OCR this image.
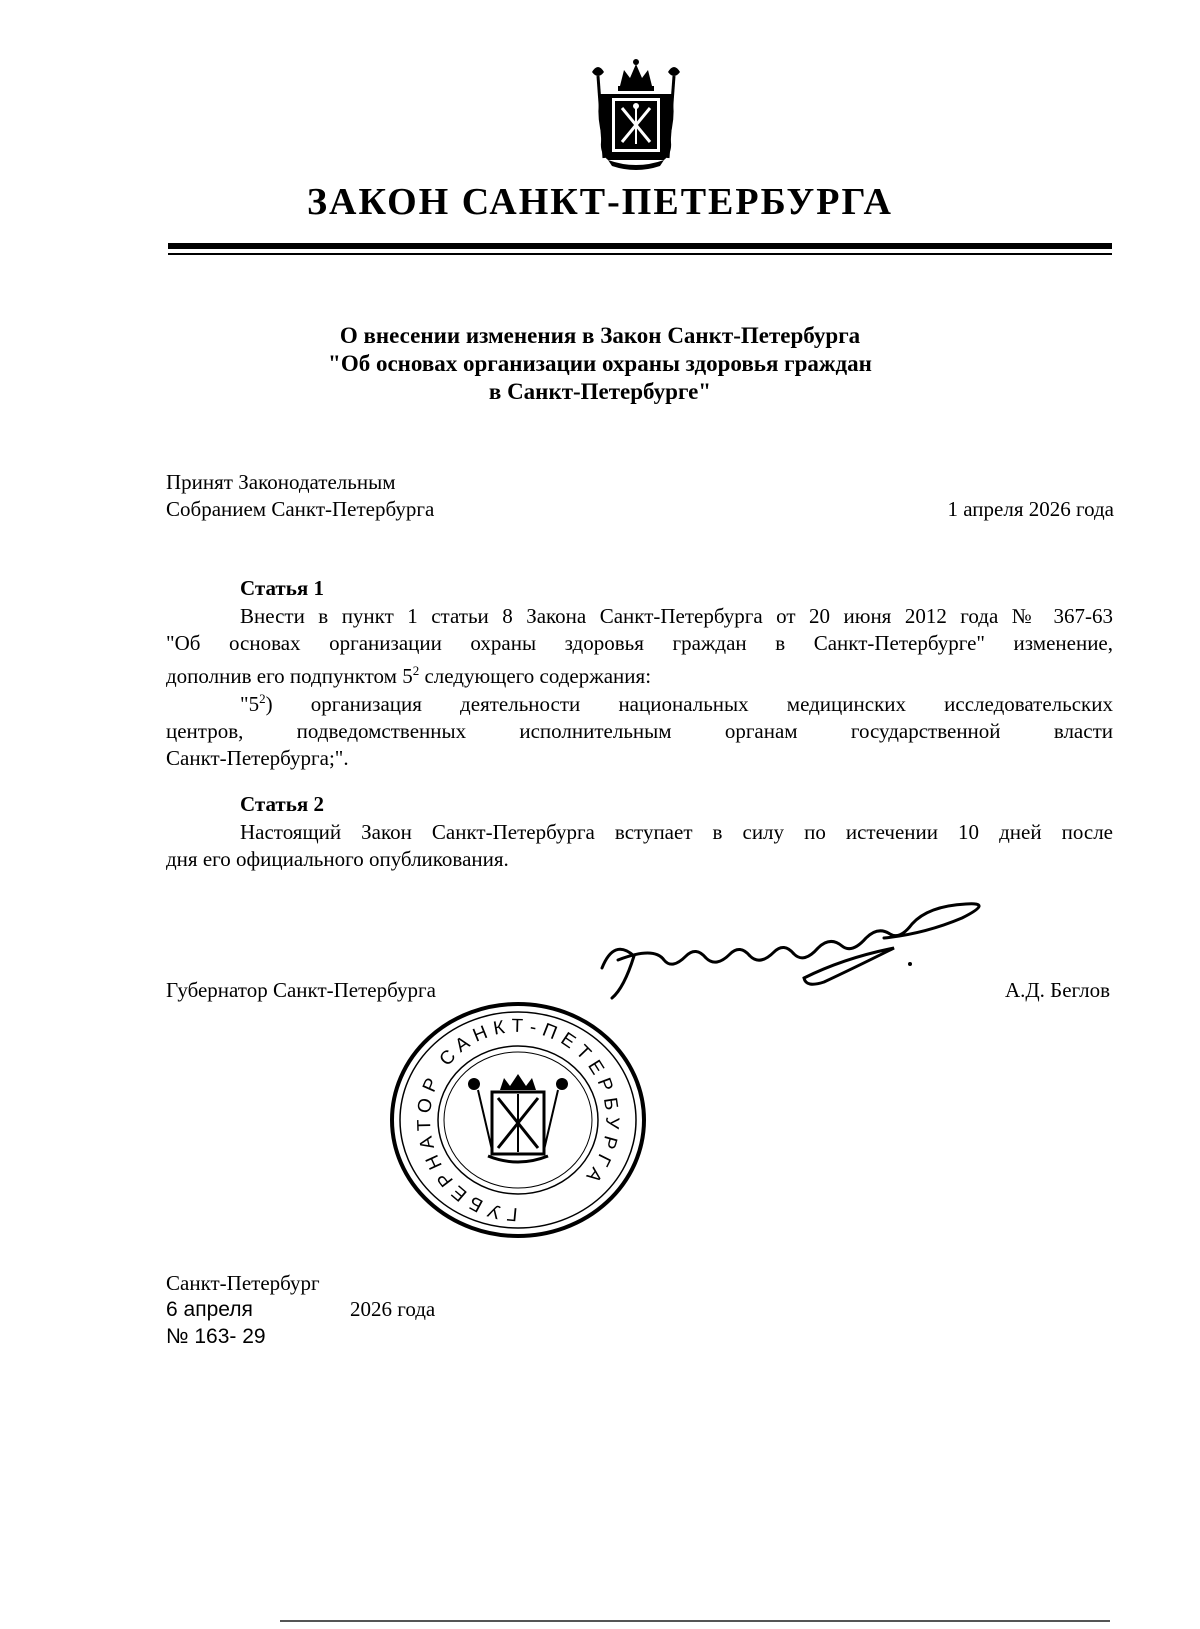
ЗАКОН САНКТ-ПЕТЕРБУРГА
О внесении изменения в Закон Санкт-Петербурга
"Об основах организации охраны здоровья граждан
в Санкт-Петербурге"
Принят Законодательным
Собранием Санкт-Петербурга	1 апреля 2026 года
Статья 1
Внести в пункт 1 статьи 8 Закона Санкт-Петербурга от 20 июня 2012 года № 367-63
"Об основах организации охраны здоровья граждан в Санкт-Петербурге" изменение,
дополнив его подпунктом $5^2$ следующего содержания:
"$5^2$) организация деятельности национальных медицинских исследовательских
центров, подведомственных исполнительным органам государственной власти
Санкт-Петербурга;".
Статья 2
Настоящий Закон Санкт-Петербурга вступает в силу по истечении 10 дней после
дня его официального опубликования.
Губернатор Санкт-Петербурга	А.Д. Беглов
ГУБЕРНАТОР САНКТ-ПЕТЕРБУРГА
Санкт-Петербург
6 апреля	2026 года
№ 163- 29
